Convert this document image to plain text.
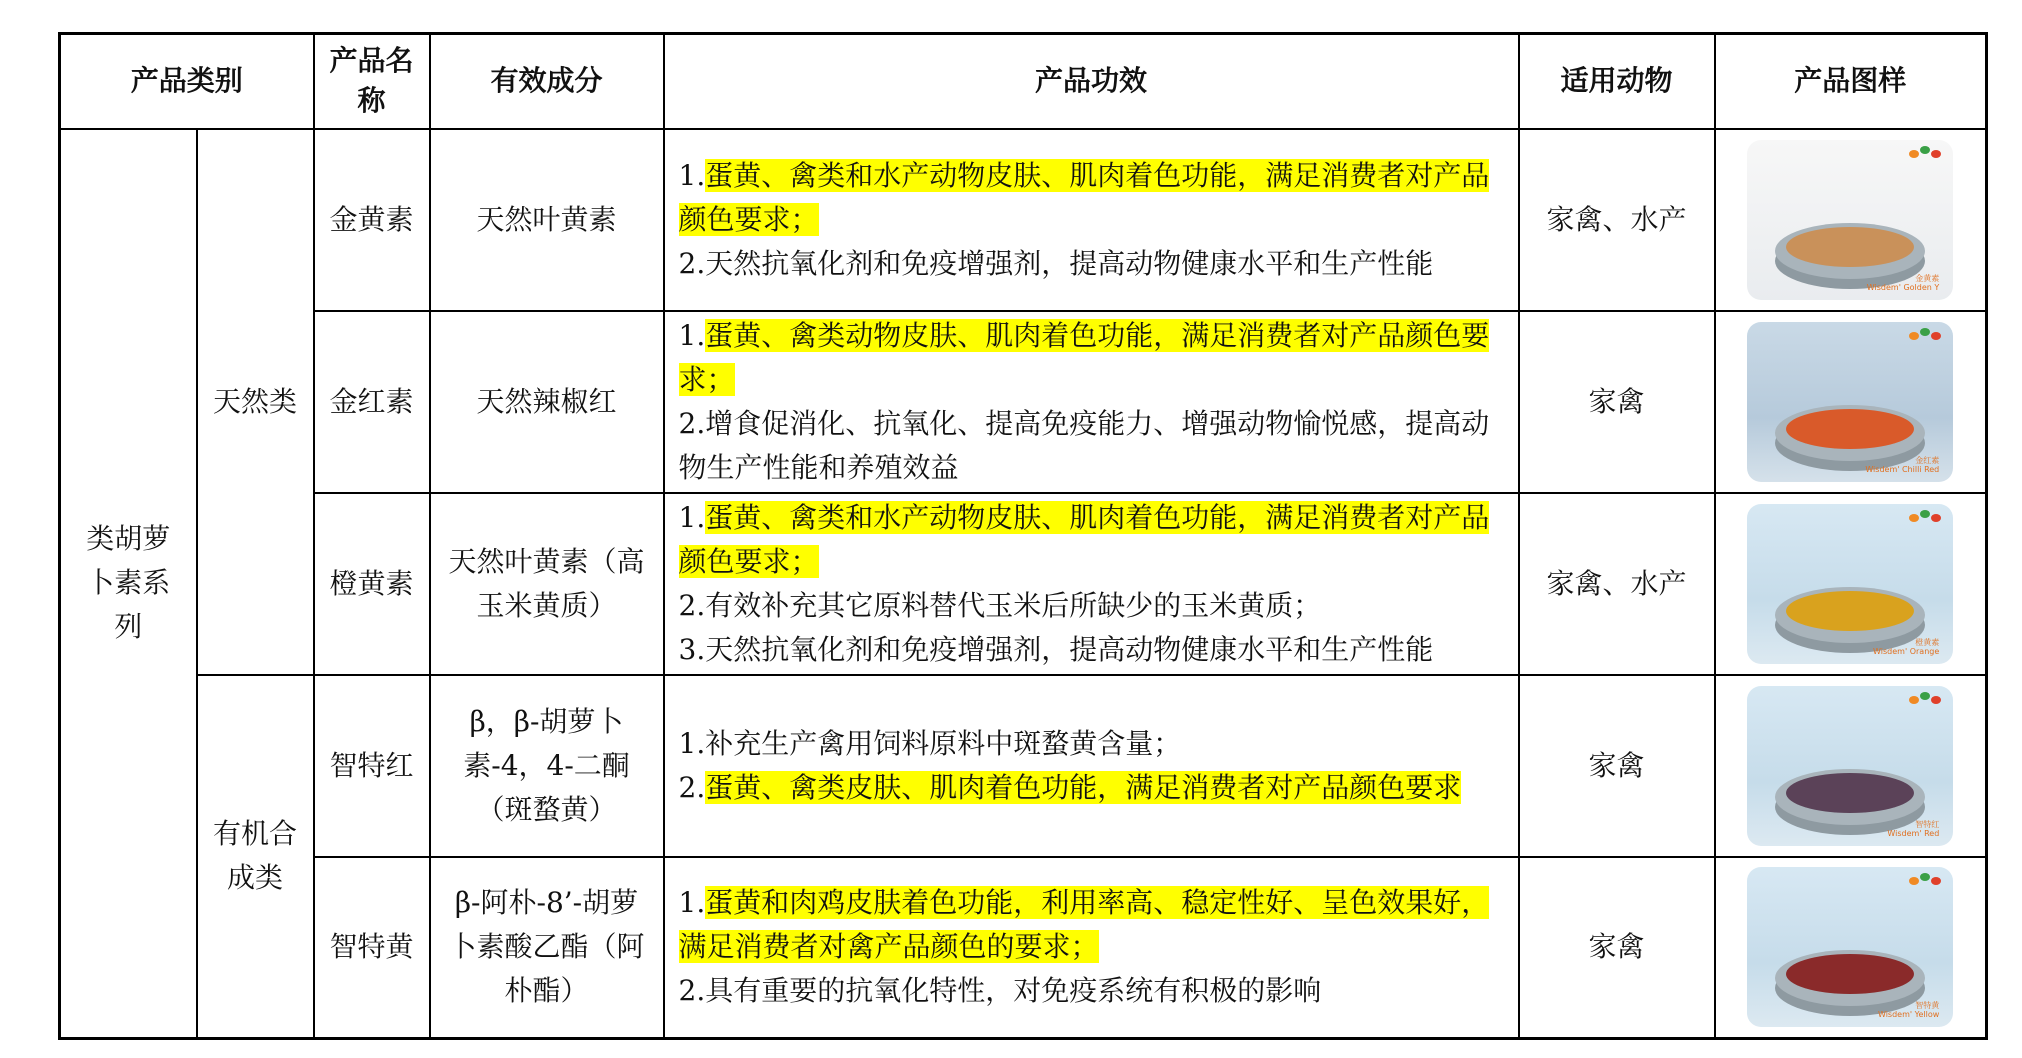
产品类别		产品名称	有效成分	产品功效	适用动物	产品图样
类胡萝卜素系列	天然类	金黄素	天然叶黄素	1.蛋黄、禽类和水产动物皮肤、肌肉着色功能，满足消费者对产品颜色要求；
2.天然抗氧化剂和免疫增强剂，提高动物健康水平和生产性能	家禽、水产	金黄素
Wisdem' Golden Y

		金红素	天然辣椒红	1.蛋黄、禽类动物皮肤、肌肉着色功能，满足消费者对产品颜色要求；
2.增食促消化、抗氧化、提高免疫能力、增强动物愉悦感，提高动物生产性能和养殖效益	家禽	金红素
Wisdem' Chilli Red

		橙黄素	天然叶黄素（高玉米黄质）	1.蛋黄、禽类和水产动物皮肤、肌肉着色功能，满足消费者对产品颜色要求；
2.有效补充其它原料替代玉米后所缺少的玉米黄质；
3.天然抗氧化剂和免疫增强剂，提高动物健康水平和生产性能	家禽、水产	橙黄素
Wisdem' Orange

	有机合成类	智特红	β，β-胡萝卜素-4，4-二酮（斑蝥黄）	1.补充生产禽用饲料原料中斑蝥黄含量；
2.蛋黄、禽类皮肤、肌肉着色功能，满足消费者对产品颜色要求	家禽	智特红
Wisdem' Red

		智特黄	β-阿朴-8’-胡萝卜素酸乙酯（阿朴酯）	1.蛋黄和肉鸡皮肤着色功能，利用率高、稳定性好、呈色效果好，满足消费者对禽产品颜色的要求；
2.具有重要的抗氧化特性，对免疫系统有积极的影响	家禽	智特黄
Wisdem' Yellow
